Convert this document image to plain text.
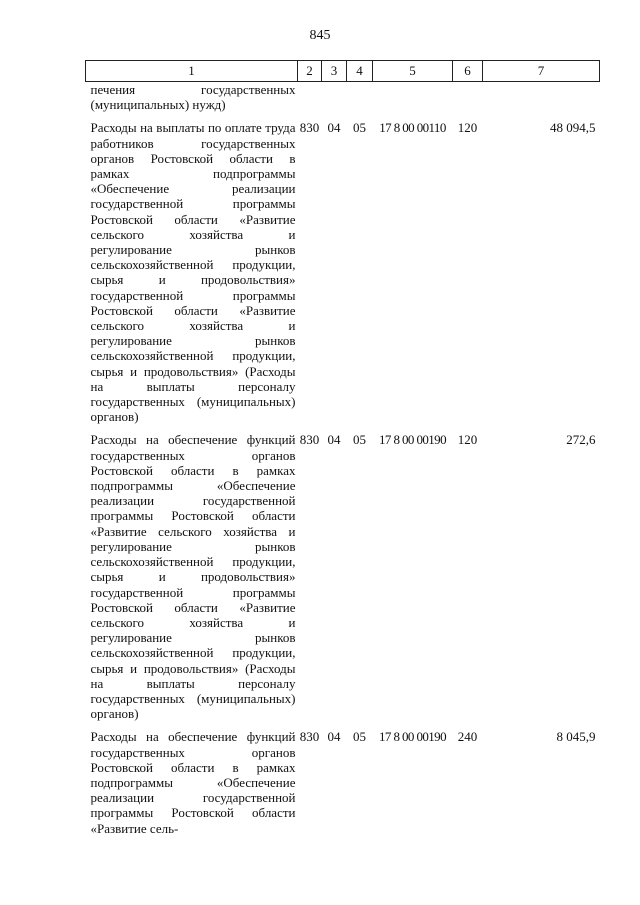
845
1	2	3	4	5	6	7
печения государственных (муниципальных) нужд)						
Расходы на выплаты по оплате труда работников государственных органов Ростовской области в рамках подпрограммы «Обеспечение реализации государственной программы Ростовской области «Развитие сельского хозяйства и регулирование рынков сельскохозяйственной продукции, сырья и продовольствия» государственной программы Ростовской области «Развитие сельского хозяйства и регулирование рынков сельскохозяйственной продукции, сырья и продовольствия» (Расходы на выплаты персоналу государственных (муниципальных) органов)	830	04	05	17 8 00 00110	120	48 094,5
Расходы на обеспечение функций государственных органов Ростовской области в рамках подпрограммы «Обеспечение реализации государственной программы Ростовской области «Развитие сельского хозяйства и регулирование рынков сельскохозяйственной продукции, сырья и продовольствия» государственной программы Ростовской области «Развитие сельского хозяйства и регулирование рынков сельскохозяйственной продукции, сырья и продовольствия» (Расходы на выплаты персоналу государственных (муниципальных) органов)	830	04	05	17 8 00 00190	120	272,6
Расходы на обеспечение функций государственных органов Ростовской области в рамках подпрограммы «Обеспечение реализации государственной программы Ростовской области «Развитие сель-	830	04	05	17 8 00 00190	240	8 045,9
